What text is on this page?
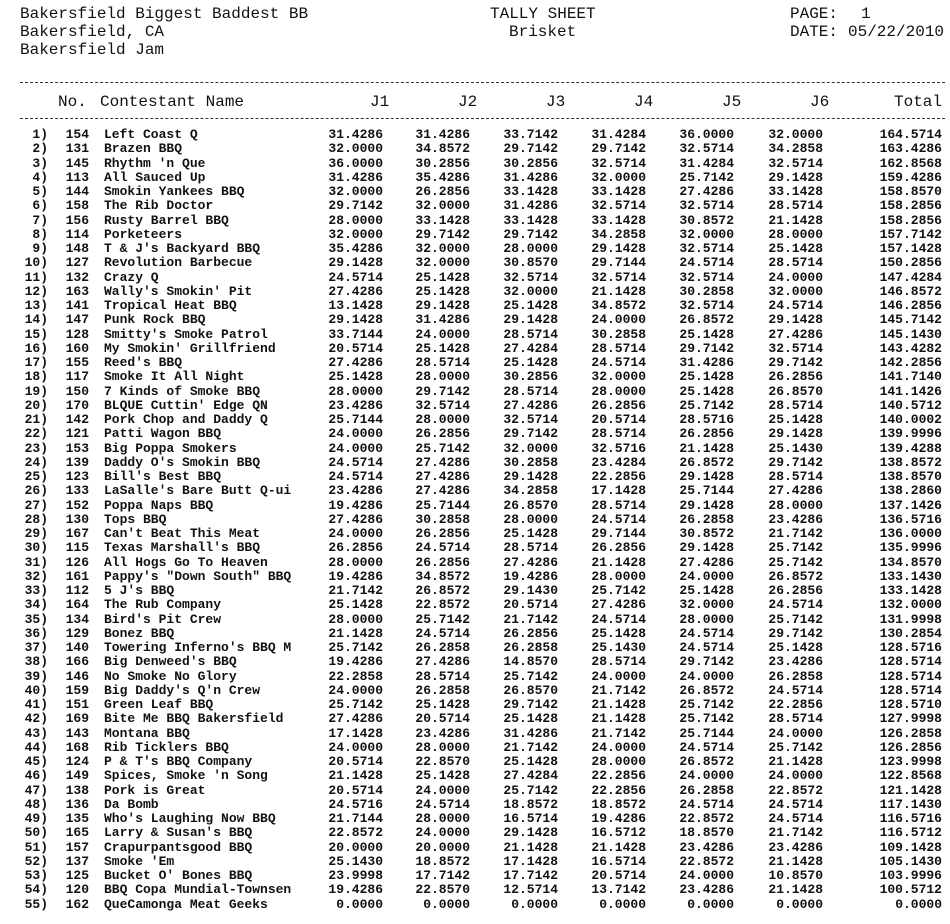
Bakersfield Biggest Baddest BB
Bakersfield, CA
Bakersfield Jam
TALLY SHEET
Brisket
PAGE: 1
DATE: 05/22/2010
No. Contestant Name	J1	J2	J3	J4	J5	J6	Total
1)	154 Left Coast Q	31.4286 31.4286	33.7142	31.4284	36.0000	32.0000	164.5714
2)	131 Brazen BBQ	32.0000 34.8572	29.7142	29.7142	32.5714	34.2858	163.4286
3)	145 Rhythm 'n Que	36.0000 30.2856	30.2856	32.5714	31.4284	32.5714	162.8568
4)	113 All Sauced Up	31.4286 35.4286	31.4286	32.0000	25.7142	29.1428	159.4286
5)	144 Smokin Yankees BBQ	32.0000 26.2856	33.1428	33.1428	27.4286	33.1428	158.8570
6)	158 The Rib Doctor	29.7142 32.0000	31.4286	32.5714	32.5714	28.5714	158.2856
7)	156 Rusty Barrel BBQ	28.0000 33.1428	33.1428	33.1428	30.8572	21.1428	158.2856
8)	114 Porketeers	32.0000 29.7142	29.7142	34.2858	32.0000	28.0000	157.7142
9)	148 T & J's Backyard BBQ	35.4286 32.0000	28.0000	29.1428	32.5714	25.1428	157.1428
10)	127 Revolution Barbecue	29.1428 32.0000	30.8570	29.7144	24.5714	28.5714	150.2856
11)	132 Crazy Q	24.5714 25.1428	32.5714	32.5714	32.5714	24.0000	147.4284
12)	163 Wally's Smokin' Pit	27.4286 25.1428	32.0000	21.1428	30.2858	32.0000	146.8572
13)	141 Tropical Heat BBQ	13.1428 29.1428	25.1428	34.8572	32.5714	24.5714	146.2856
14)	147 Punk Rock BBQ	29.1428 31.4286	29.1428	24.0000	26.8572	29.1428	145.7142
15)	128 Smitty's Smoke Patrol	33.7144 24.0000	28.5714	30.2858	25.1428	27.4286	145.1430
16)	160 My Smokin' Grillfriend	20.5714 25.1428	27.4284	28.5714	29.7142	32.5714	143.4282
17)	155 Reed's BBQ	27.4286 28.5714	25.1428	24.5714	31.4286	29.7142	142.2856
18)	117 Smoke It All Night	25.1428 28.0000	30.2856	32.0000	25.1428	26.2856	141.7140
19)	150 7 Kinds of Smoke BBQ	28.0000 29.7142	28.5714	28.0000	25.1428	26.8570	141.1426
20)	170 BLQUE Cuttin' Edge QN	23.4286 32.5714	27.4286	26.2856	25.7142	28.5714	140.5712
21)	142 Pork Chop and Daddy Q	25.7144 28.0000	32.5714	20.5714	28.5716	25.1428	140.0002
22)	121 Patti Wagon BBQ	24.0000 26.2856	29.7142	28.5714	26.2856	29.1428	139.9996
23)	153 Big Poppa Smokers	24.0000 25.7142	32.0000	32.5716	21.1428	25.1430	139.4288
24)	139 Daddy O's Smokin BBQ	24.5714 27.4286	30.2858	23.4284	26.8572	29.7142	138.8572
25)	123 Bill's Best BBQ	24.5714 27.4286	29.1428	22.2856	29.1428	28.5714	138.8570
26)	133 LaSalle's Bare Butt Q-ui	23.4286 27.4286	34.2858	17.1428	25.7144	27.4286	138.2860
27)	152 Poppa Naps BBQ	19.4286 25.7144	26.8570	28.5714	29.1428	28.0000	137.1426
28)	130 Tops BBQ	27.4286 30.2858	28.0000	24.5714	26.2858	23.4286	136.5716
29)	167 Can't Beat This Meat	24.0000 26.2856	25.1428	29.7144	30.8572	21.7142	136.0000
30)	115 Texas Marshall's BBQ	26.2856 24.5714	28.5714	26.2856	29.1428	25.7142	135.9996
31)	126 All Hogs Go To Heaven	28.0000 26.2856	27.4286	21.1428	27.4286	25.7142	134.8570
32)	161 Pappy's "Down South" BBQ	19.4286 34.8572	19.4286	28.0000	24.0000	26.8572	133.1430
33)	112 5 J's BBQ	21.7142 26.8572	29.1430	25.7142	25.1428	26.2856	133.1428
34)	164 The Rub Company	25.1428 22.8572	20.5714	27.4286	32.0000	24.5714	132.0000
35)	134 Bird's Pit Crew	28.0000 25.7142	21.7142	24.5714	28.0000	25.7142	131.9998
36)	129 Bonez BBQ	21.1428 24.5714	26.2856	25.1428	24.5714	29.7142	130.2854
37)	140 Towering Inferno's BBQ M	25.7142 26.2858	26.2858	25.1430	24.5714	25.1428	128.5716
38)	166 Big Denweed's BBQ	19.4286 27.4286	14.8570	28.5714	29.7142	23.4286	128.5714
39)	146 No Smoke No Glory	22.2858 28.5714	25.7142	24.0000	24.0000	26.2858	128.5714
40)	159 Big Daddy's Q'n Crew	24.0000 26.2858	26.8570	21.7142	26.8572	24.5714	128.5714
41)	151 Green Leaf BBQ	25.7142 25.1428	29.7142	21.1428	25.7142	22.2856	128.5710
42)	169 Bite Me BBQ Bakersfield	27.4286 20.5714	25.1428	21.1428	25.7142	28.5714	127.9998
43)	143 Montana BBQ	17.1428 23.4286	31.4286	21.7142	25.7144	24.0000	126.2858
44)	168 Rib Ticklers BBQ	24.0000 28.0000	21.7142	24.0000	24.5714	25.7142	126.2856
45)	124 P & T's BBQ Company	20.5714 22.8570	25.1428	28.0000	26.8572	21.1428	123.9998
46)	149 Spices, Smoke 'n Song	21.1428 25.1428	27.4284	22.2856	24.0000	24.0000	122.8568
47)	138 Pork is Great	20.5714 24.0000	25.7142	22.2856	26.2858	22.8572	121.1428
48)	136 Da Bomb	24.5716 24.5714	18.8572	18.8572	24.5714	24.5714	117.1430
49)	135 Who's Laughing Now BBQ	21.7144 28.0000	16.5714	19.4286	22.8572	24.5714	116.5716
50)	165 Larry & Susan's BBQ	22.8572 24.0000	29.1428	16.5712	18.8570	21.7142	116.5712
51)	157 Crapurpantsgood BBQ	20.0000 20.0000	21.1428	21.1428	23.4286	23.4286	109.1428
52)	137 Smoke 'Em	25.1430 18.8572	17.1428	16.5714	22.8572	21.1428	105.1430
53)	125 Bucket O' Bones BBQ	23.9998 17.7142	17.7142	20.5714	24.0000	10.8570	103.9996
54)	120 BBQ Copa Mundial-Townsen	19.4286 22.8570	12.5714	13.7142	23.4286	21.1428	100.5712
55)	162 QueCamonga Meat Geeks	0.0000	0.0000	0.0000	0.0000	0.0000	0.0000	0.0000
